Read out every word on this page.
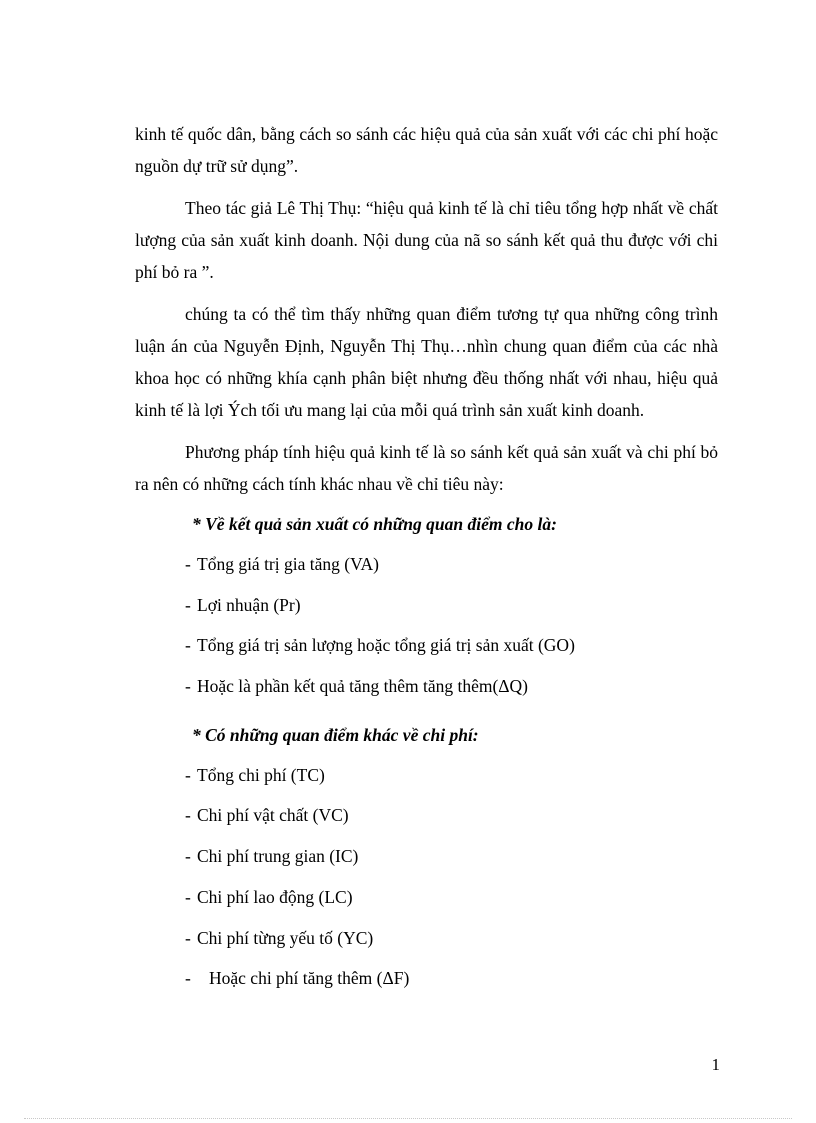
kinh tế quốc dân, bằng cách so sánh các hiệu quả của sản xuất với các chi phí hoặc nguồn dự trữ sử dụng”.

Theo tác giả Lê Thị Thụ: “hiệu quả kinh tế là chỉ tiêu tổng hợp nhất về chất lượng của sản xuất kinh doanh. Nội dung của nã so sánh kết quả thu được với chi phí bỏ ra ”.

chúng ta có thể tìm thấy những quan điểm tương tự qua những công trình luận án của Nguyễn Định, Nguyễn Thị Thụ…nhìn chung quan điểm của các nhà khoa học có những khía cạnh phân biệt nhưng đều thống nhất với nhau, hiệu quả kinh tế là lợi Ých tối ưu mang lại của mỗi quá trình sản xuất kinh doanh.

Phương pháp tính hiệu quả kinh tế là so sánh kết quả sản xuất và chi phí bỏ ra nên có những cách tính khác nhau về chỉ tiêu này:

* Về kết quả sản xuất có những quan điểm cho là:

- Tổng giá trị gia tăng (VA)

- Lợi nhuận (Pr)

- Tổng giá trị sản lượng hoặc tổng giá trị sản xuất (GO)

- Hoặc là phần kết quả tăng thêm tăng thêm(ΔQ)

* Có những quan điểm khác về chi phí:

- Tổng chi phí (TC)

- Chi phí vật chất (VC)

- Chi phí trung gian (IC)

- Chi phí lao động (LC)

- Chi phí từng yếu tố (YC)

- Hoặc chi phí tăng thêm (ΔF)

1
